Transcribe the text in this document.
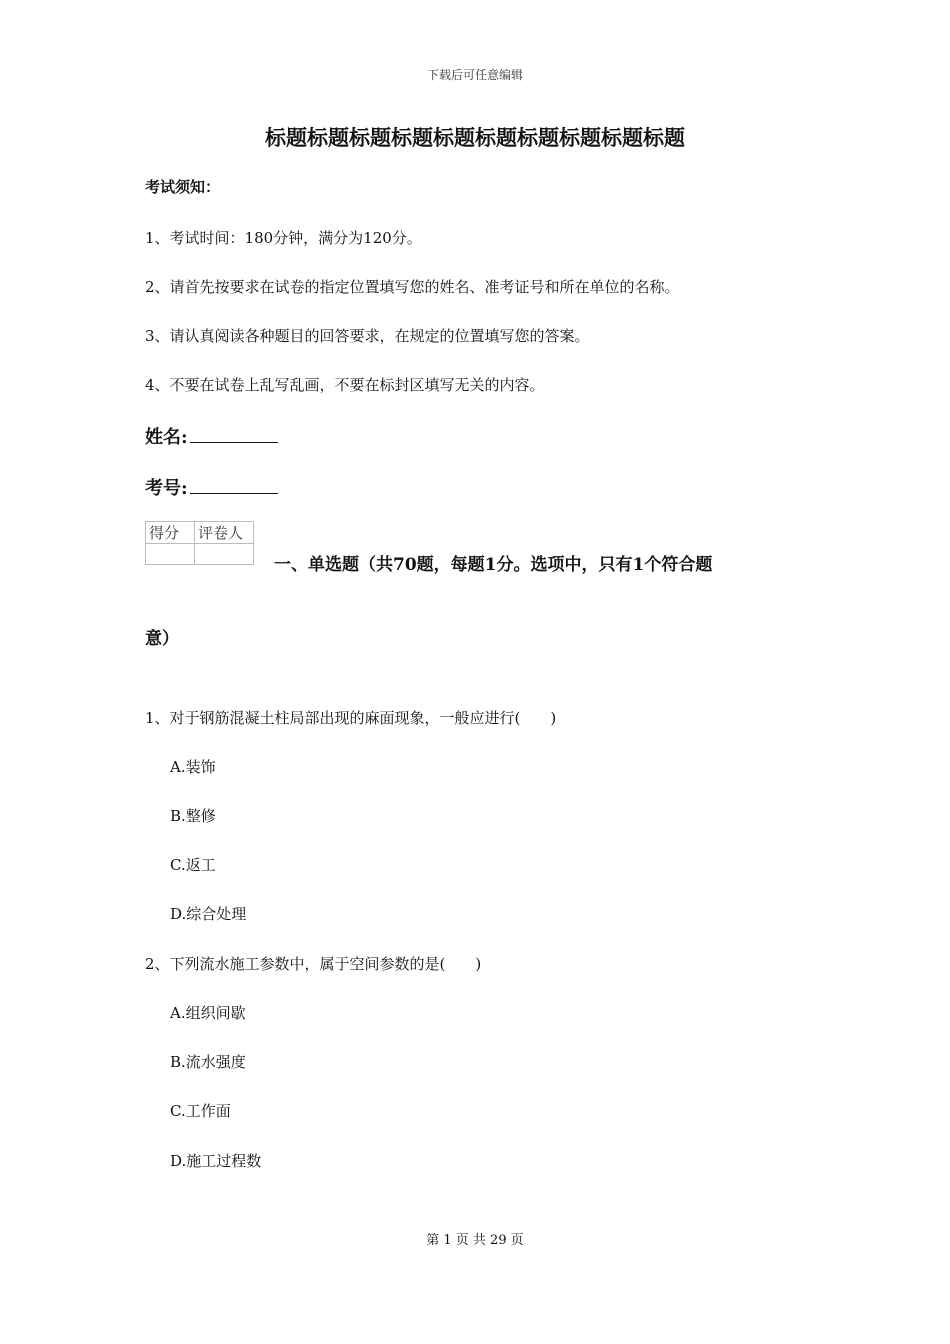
下载后可任意编辑
标题标题标题标题标题标题标题标题标题标题
考试须知：
1、考试时间：180分钟，满分为120分。
2、请首先按要求在试卷的指定位置填写您的姓名、准考证号和所在单位的名称。
3、请认真阅读各种题目的回答要求，在规定的位置填写您的答案。
4、不要在试卷上乱写乱画，不要在标封区填写无关的内容。
姓名:
考号:
得分	评卷人

一、单选题（共70题，每题1分。选项中，只有1个符合题
意）
1、对于钢筋混凝土柱局部出现的麻面现象，一般应进行(　　)
A.装饰
B.整修
C.返工
D.综合处理
2、下列流水施工参数中，属于空间参数的是(　　)
A.组织间歇
B.流水强度
C.工作面
D.施工过程数
第 1 页 共 29 页
